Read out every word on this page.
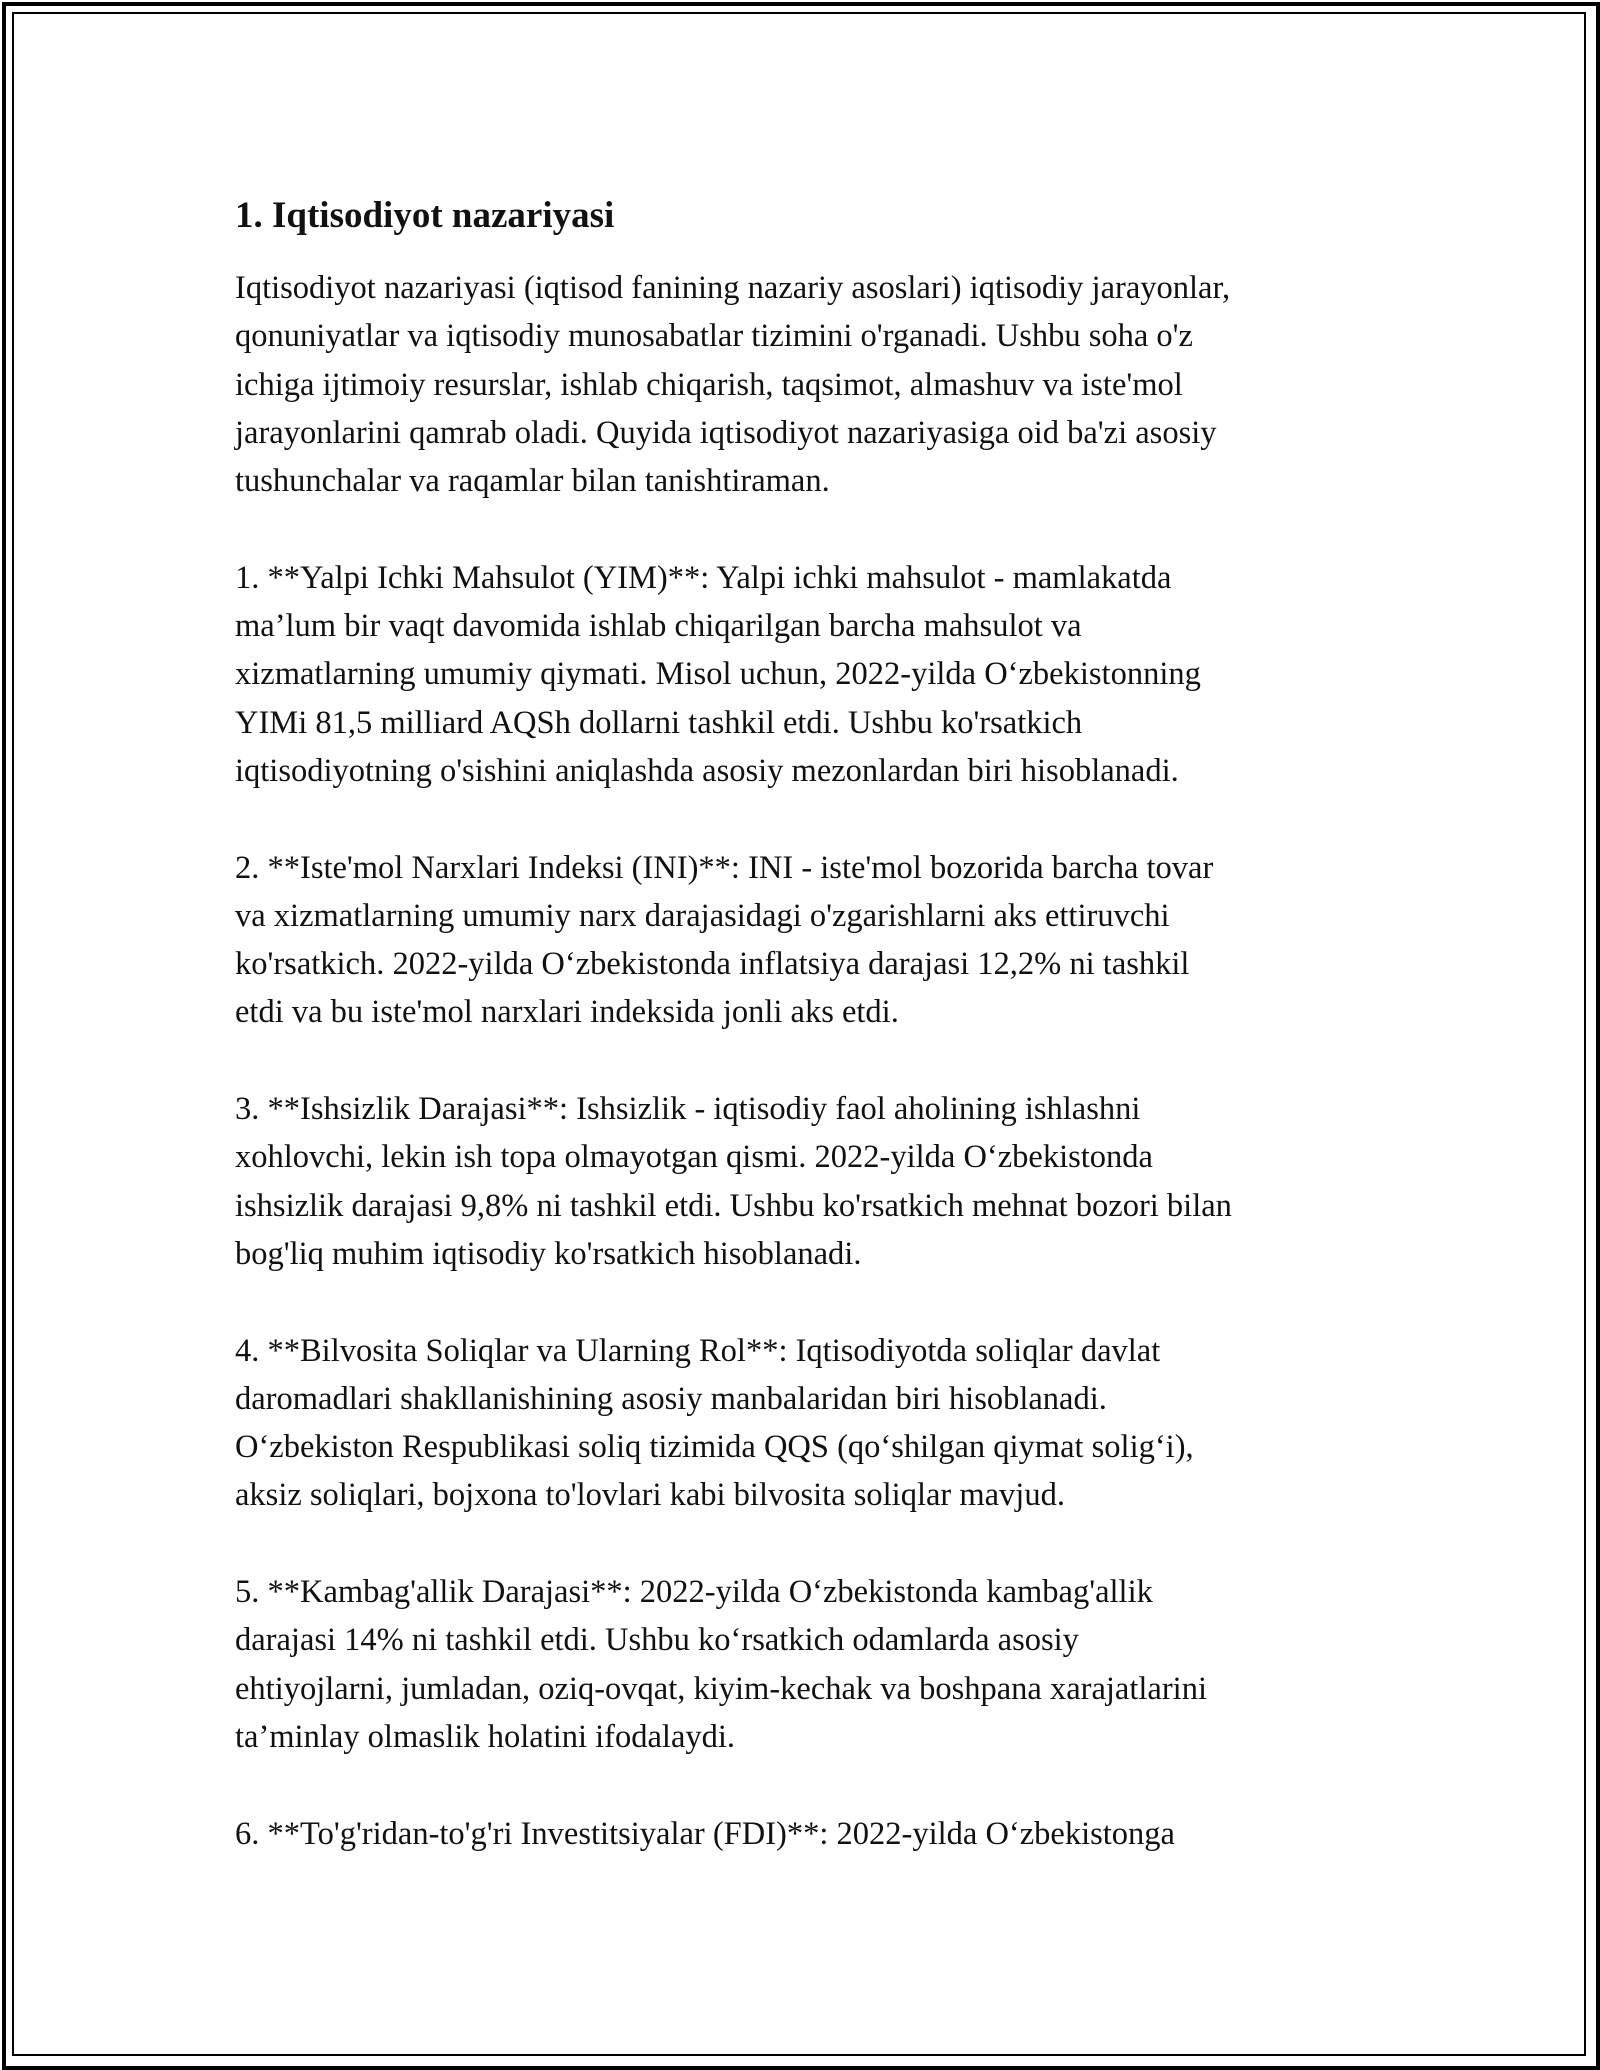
1. Iqtisodiyot nazariyasi

Iqtisodiyot nazariyasi (iqtisod fanining nazariy asoslari) iqtisodiy jarayonlar,
qonuniyatlar va iqtisodiy munosabatlar tizimini o'rganadi. Ushbu soha o'z
ichiga ijtimoiy resurslar, ishlab chiqarish, taqsimot, almashuv va iste'mol
jarayonlarini qamrab oladi. Quyida iqtisodiyot nazariyasiga oid ba'zi asosiy
tushunchalar va raqamlar bilan tanishtiraman.

1. **Yalpi Ichki Mahsulot (YIM)**: Yalpi ichki mahsulot - mamlakatda
ma’lum bir vaqt davomida ishlab chiqarilgan barcha mahsulot va
xizmatlarning umumiy qiymati. Misol uchun, 2022-yilda O‘zbekistonning
YIMi 81,5 milliard AQSh dollarni tashkil etdi. Ushbu ko'rsatkich
iqtisodiyotning o'sishini aniqlashda asosiy mezonlardan biri hisoblanadi.

2. **Iste'mol Narxlari Indeksi (INI)**: INI - iste'mol bozorida barcha tovar
va xizmatlarning umumiy narx darajasidagi o'zgarishlarni aks ettiruvchi
ko'rsatkich. 2022-yilda O‘zbekistonda inflatsiya darajasi 12,2% ni tashkil
etdi va bu iste'mol narxlari indeksida jonli aks etdi.

3. **Ishsizlik Darajasi**: Ishsizlik - iqtisodiy faol aholining ishlashni
xohlovchi, lekin ish topa olmayotgan qismi. 2022-yilda O‘zbekistonda
ishsizlik darajasi 9,8% ni tashkil etdi. Ushbu ko'rsatkich mehnat bozori bilan
bog'liq muhim iqtisodiy ko'rsatkich hisoblanadi.

4. **Bilvosita Soliqlar va Ularning Rol**: Iqtisodiyotda soliqlar davlat
daromadlari shakllanishining asosiy manbalaridan biri hisoblanadi.
O‘zbekiston Respublikasi soliq tizimida QQS (qo‘shilgan qiymat solig‘i),
aksiz soliqlari, bojxona to'lovlari kabi bilvosita soliqlar mavjud.

5. **Kambag'allik Darajasi**: 2022-yilda O‘zbekistonda kambag'allik
darajasi 14% ni tashkil etdi. Ushbu ko‘rsatkich odamlarda asosiy
ehtiyojlarni, jumladan, oziq-ovqat, kiyim-kechak va boshpana xarajatlarini
ta’minlay olmaslik holatini ifodalaydi.

6. **To'g'ridan-to'g'ri Investitsiyalar (FDI)**: 2022-yilda O‘zbekistonga
